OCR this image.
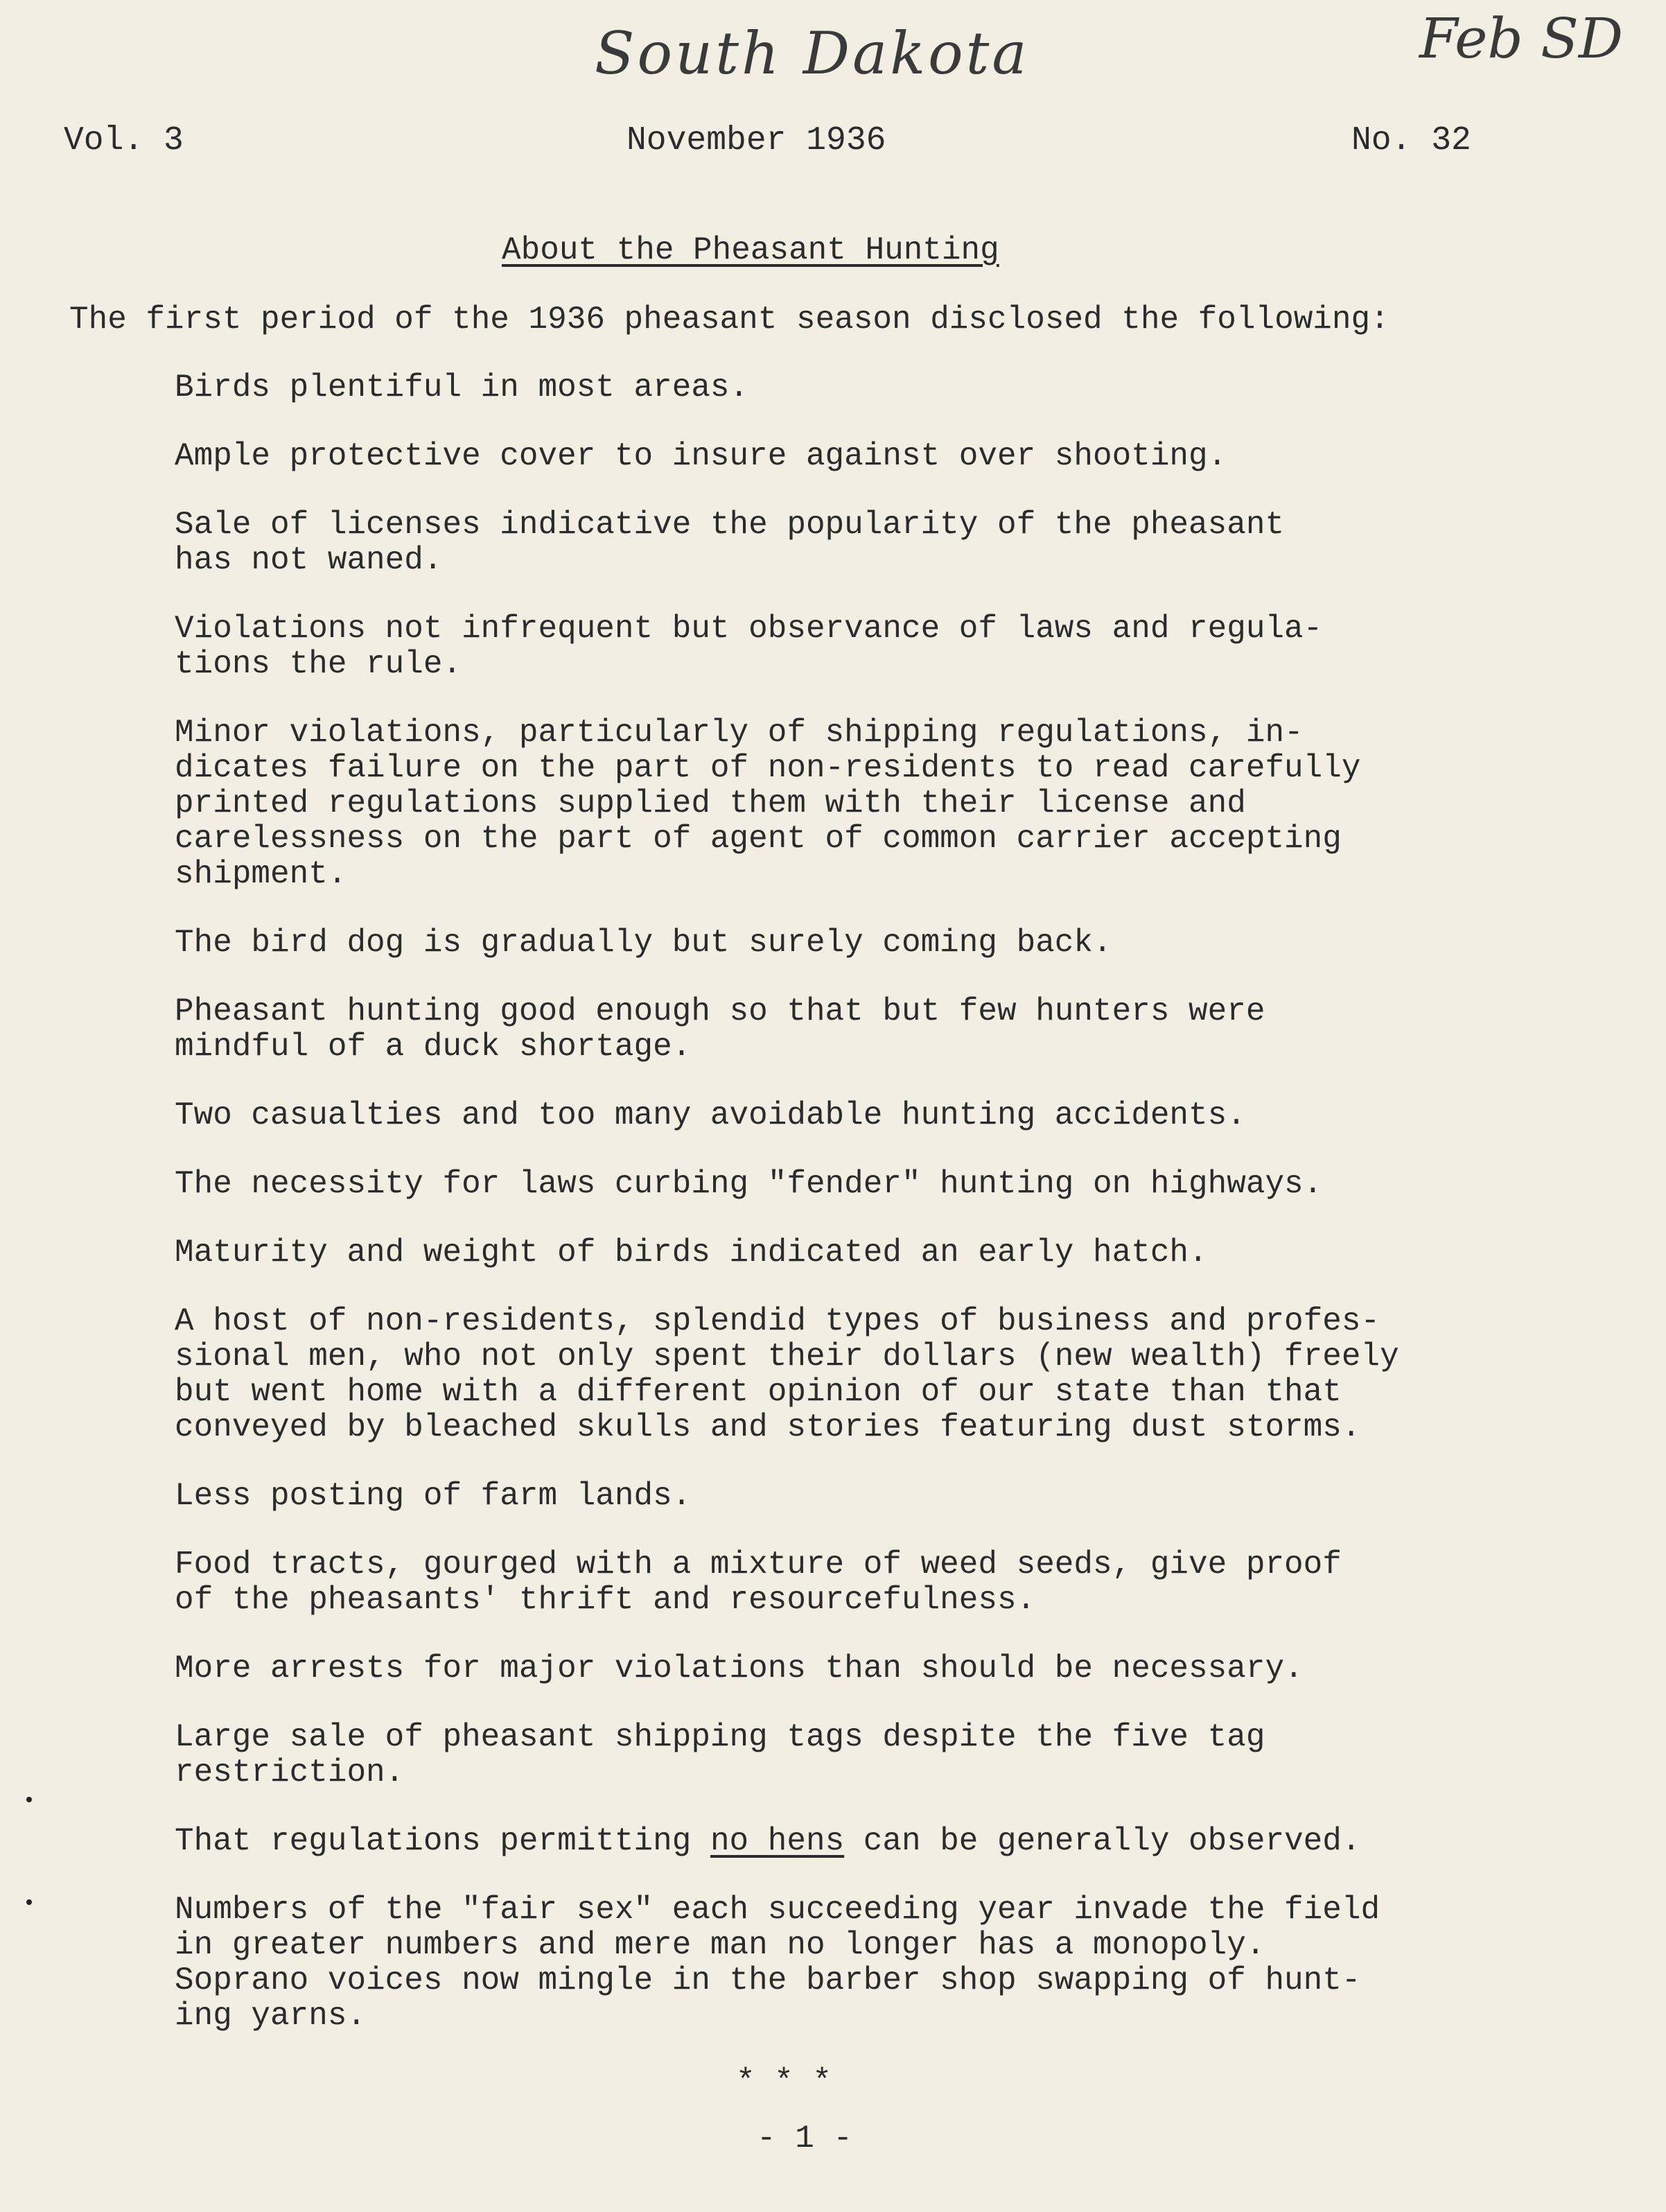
South Dakota	Feb SD
Vol. 3	November 1936	No. 32
About the Pheasant Hunting
The first period of the 1936 pheasant season disclosed the following:
Birds plentiful in most areas.
Ample protective cover to insure against over shooting.
Sale of licenses indicative the popularity of the pheasant
has not waned.
Violations not infrequent but observance of laws and regula-
tions the rule.
Minor violations, particularly of shipping regulations, in-
dicates failure on the part of non-residents to read carefully
printed regulations supplied them with their license and
carelessness on the part of agent of common carrier accepting
shipment.
The bird dog is gradually but surely coming back.
Pheasant hunting good enough so that but few hunters were
mindful of a duck shortage.
Two casualties and too many avoidable hunting accidents.
The necessity for laws curbing "fender" hunting on highways.
Maturity and weight of birds indicated an early hatch.
A host of non-residents, splendid types of business and profes-
sional men, who not only spent their dollars (new wealth) freely
but went home with a different opinion of our state than that
conveyed by bleached skulls and stories featuring dust storms.
Less posting of farm lands.
Food tracts, gourged with a mixture of weed seeds, give proof
of the pheasants' thrift and resourcefulness.
More arrests for major violations than should be necessary.
Large sale of pheasant shipping tags despite the five tag
restriction.
That regulations permitting no hens can be generally observed.
Numbers of the "fair sex" each succeeding year invade the field
in greater numbers and mere man no longer has a monopoly.
Soprano voices now mingle in the barber shop swapping of hunt-
ing yarns.
* * *
- 1 -
